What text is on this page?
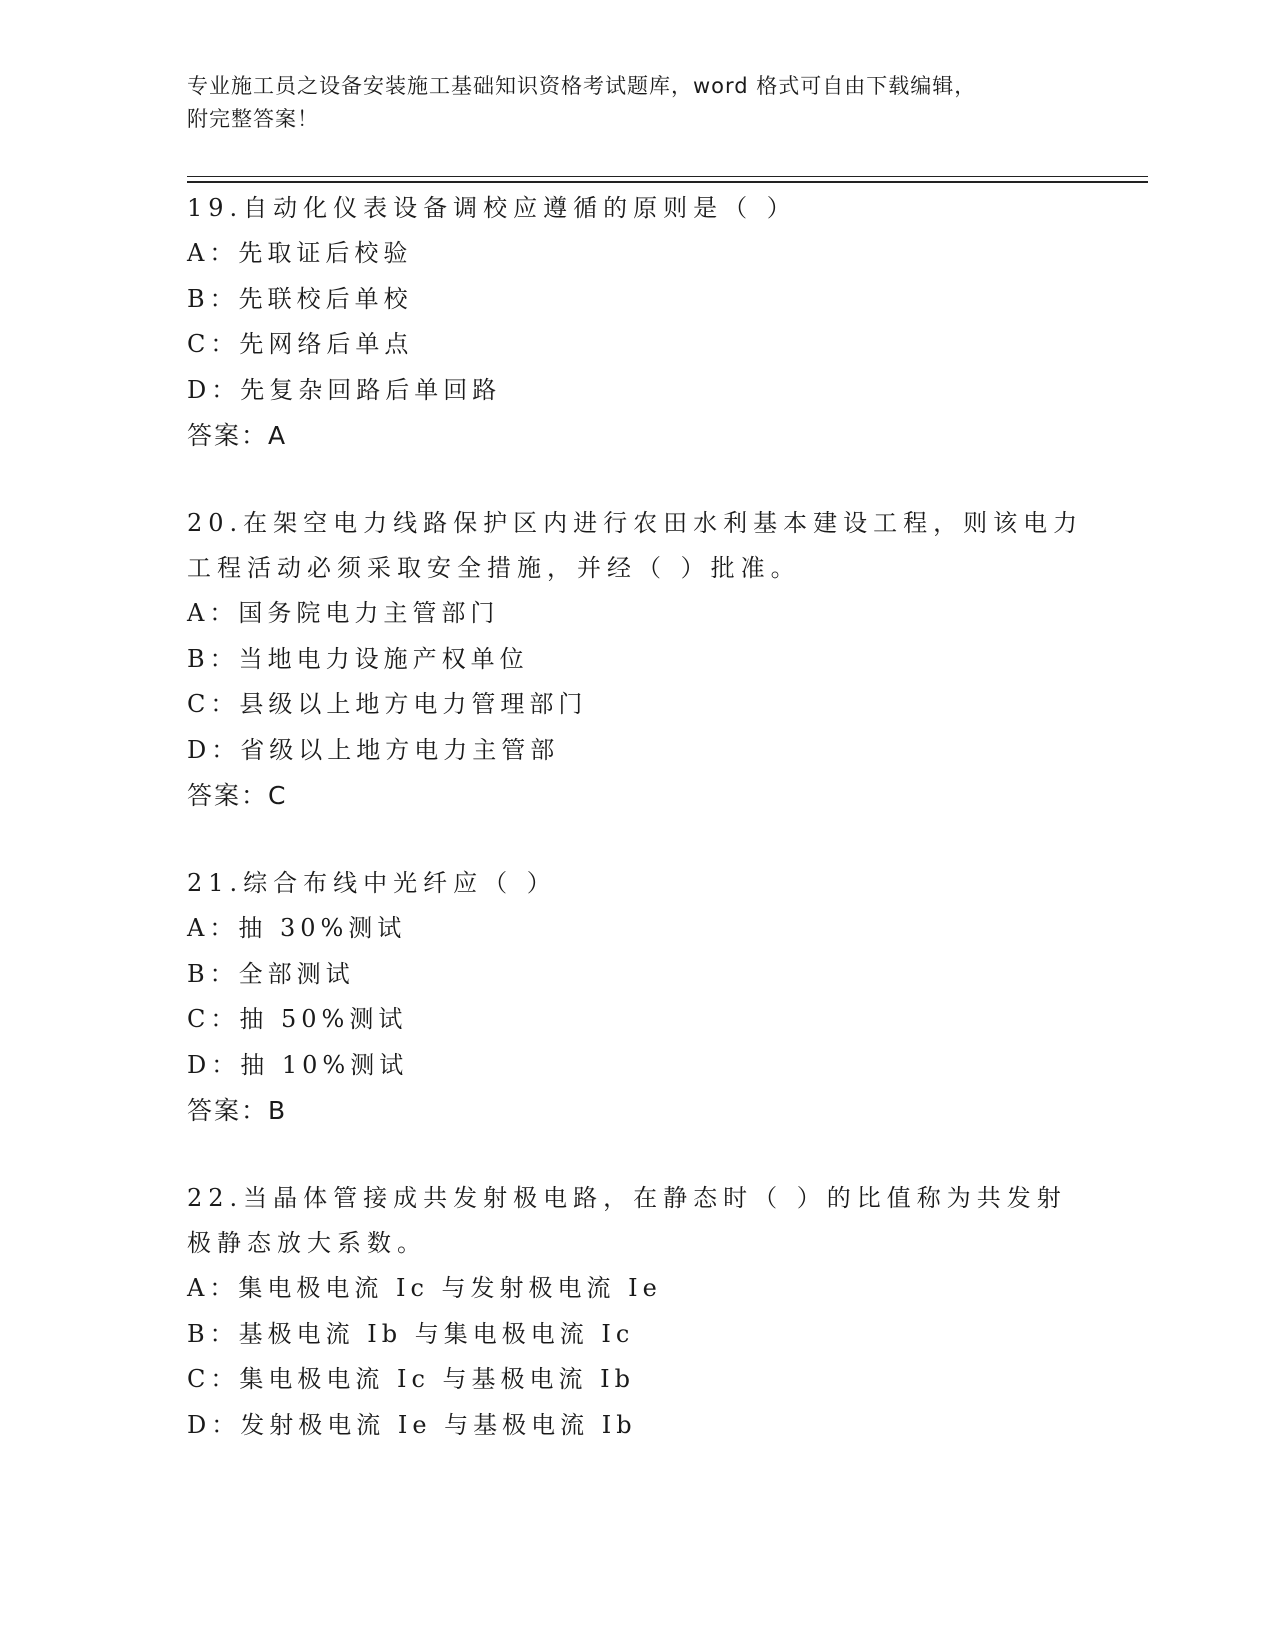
专业施工员之设备安装施工基础知识资格考试题库，word 格式可自由下载编辑，
附完整答案！

19.自动化仪表设备调校应遵循的原则是（ ）

A：先取证后校验
B：先联校后单校
C：先网络后单点
D：先复杂回路后单回路
答案：A

20.在架空电力线路保护区内进行农田水利基本建设工程，则该电力工程活动必须采取安全措施，并经（ ）批准。

A：国务院电力主管部门
B：当地电力设施产权单位
C：县级以上地方电力管理部门
D：省级以上地方电力主管部
答案：C

21.综合布线中光纤应（ ）

A：抽 30%测试
B：全部测试
C：抽 50%测试
D：抽 10%测试
答案：B

22.当晶体管接成共发射极电路，在静态时（ ）的比值称为共发射极静态放大系数。

A：集电极电流 Ic 与发射极电流 Ie
B：基极电流 Ib 与集电极电流 Ic
C：集电极电流 Ic 与基极电流 Ib
D：发射极电流 Ie 与基极电流 Ib
